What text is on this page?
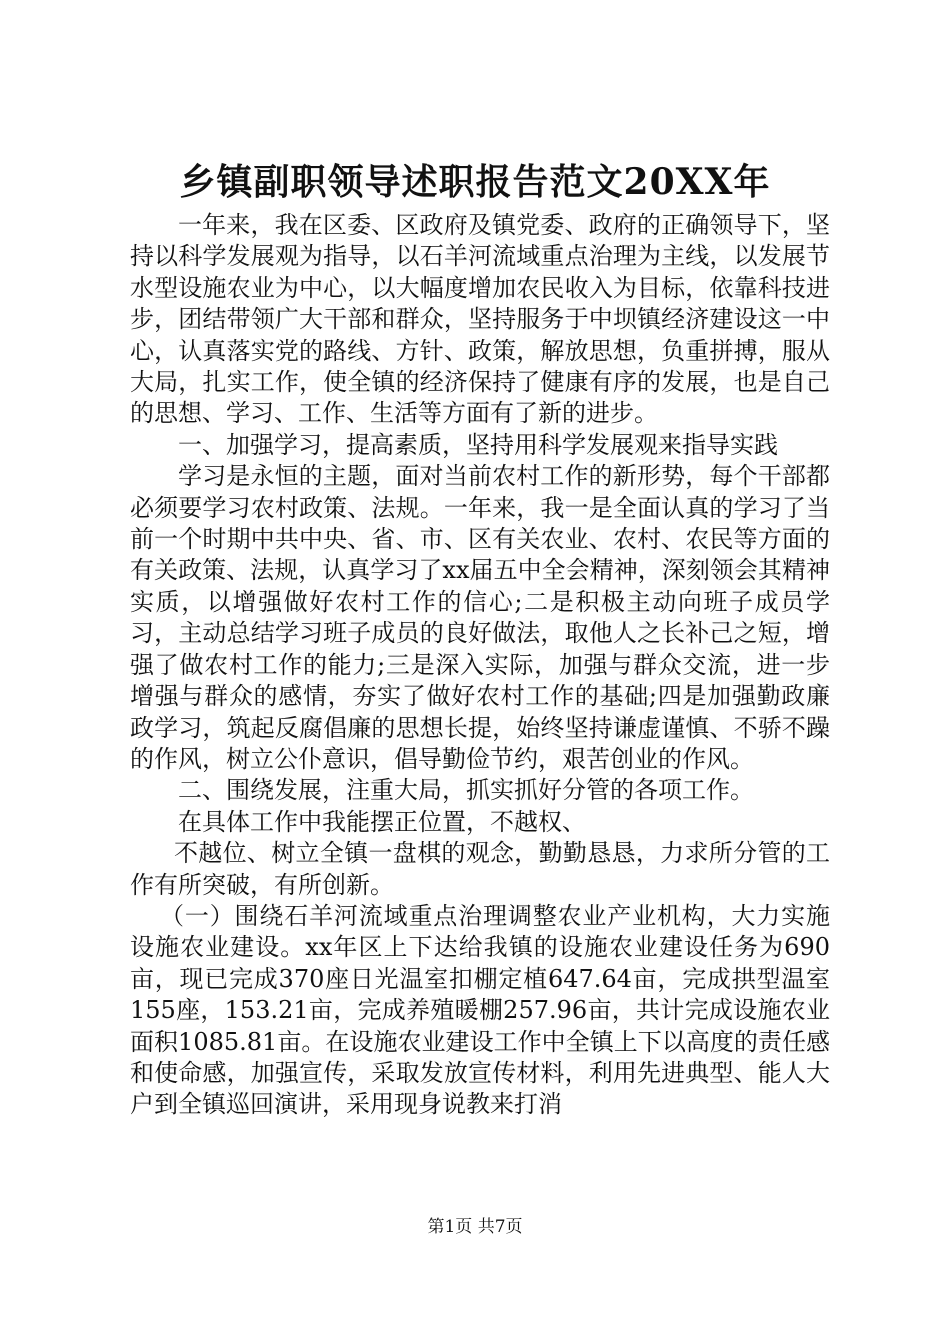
乡镇副职领导述职报告范文20XX年

一年来，我在区委、区政府及镇党委、政府的正确领导下，坚持以科学发展观为指导，以石羊河流域重点治理为主线，以发展节水型设施农业为中心，以大幅度增加农民收入为目标，依靠科技进步，团结带领广大干部和群众，坚持服务于中坝镇经济建设这一中心，认真落实党的路线、方针、政策，解放思想，负重拼搏，服从大局，扎实工作，使全镇的经济保持了健康有序的发展，也是自己的思想、学习、工作、生活等方面有了新的进步。

一、加强学习，提高素质，坚持用科学发展观来指导实践

学习是永恒的主题，面对当前农村工作的新形势，每个干部都必须要学习农村政策、法规。一年来，我一是全面认真的学习了当前一个时期中共中央、省、市、区有关农业、农村、农民等方面的有关政策、法规，认真学习了xx届五中全会精神，深刻领会其精神实质，以增强做好农村工作的信心;二是积极主动向班子成员学习，主动总结学习班子成员的良好做法，取他人之长补己之短，增强了做农村工作的能力;三是深入实际，加强与群众交流，进一步增强与群众的感情，夯实了做好农村工作的基础;四是加强勤政廉政学习，筑起反腐倡廉的思想长提，始终坚持谦虚谨慎、不骄不躁的作风，树立公仆意识，倡导勤俭节约，艰苦创业的作风。

二、围绕发展，注重大局，抓实抓好分管的各项工作。

在具体工作中我能摆正位置，不越权、

不越位、树立全镇一盘棋的观念，勤勤恳恳，力求所分管的工作有所突破，有所创新。

（一）围绕石羊河流域重点治理调整农业产业机构，大力实施设施农业建设。xx年区上下达给我镇的设施农业建设任务为690亩，现已完成370座日光温室扣棚定植647.64亩，完成拱型温室155座，153.21亩，完成养殖暖棚257.96亩，共计完成设施农业面积1085.81亩。在设施农业建设工作中全镇上下以高度的责任感和使命感，加强宣传，采取发放宣传材料，利用先进典型、能人大户到全镇巡回演讲，采用现身说教来打消

第1页 共7页
